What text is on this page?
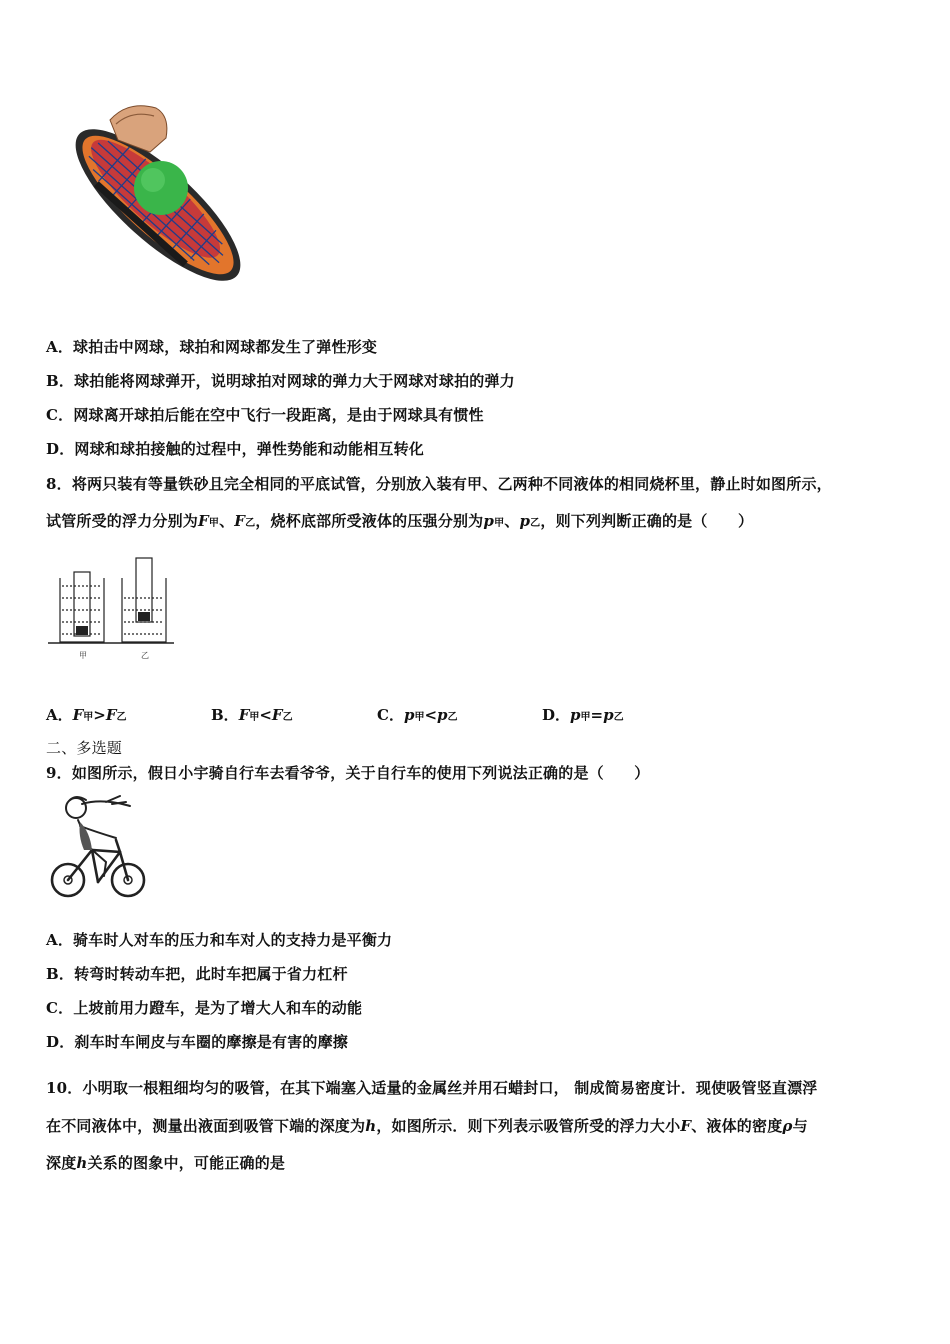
A．球拍击中网球，球拍和网球都发生了弹性形变
B．球拍能将网球弹开，说明球拍对网球的弹力大于网球对球拍的弹力
C．网球离开球拍后能在空中飞行一段距离，是由于网球具有惯性
D．网球和球拍接触的过程中，弹性势能和动能相互转化
8．将两只装有等量铁砂且完全相同的平底试管，分别放入装有甲、乙两种不同液体的相同烧杯里，静止时如图所示，
试管所受的浮力分别为F甲、F乙，烧杯底部所受液体的压强分别为p甲、p乙，则下列判断正确的是（　　）
甲	乙
A．F甲>F乙	B．F甲<F乙	C．p甲<p乙	D．p甲=p乙
二、多选题
9．如图所示，假日小宇骑自行车去看爷爷，关于自行车的使用下列说法正确的是（　　）
A．骑车时人对车的压力和车对人的支持力是平衡力
B．转弯时转动车把，此时车把属于省力杠杆
C．上坡前用力蹬车，是为了增大人和车的动能
D．刹车时车闸皮与车圈的摩擦是有害的摩擦
10．小明取一根粗细均匀的吸管，在其下端塞入适量的金属丝并用石蜡封口， 制成简易密度计．现使吸管竖直漂浮
在不同液体中，测量出液面到吸管下端的深度为h，如图所示．则下列表示吸管所受的浮力大小F、液体的密度ρ与
深度h关系的图象中，可能正确的是
